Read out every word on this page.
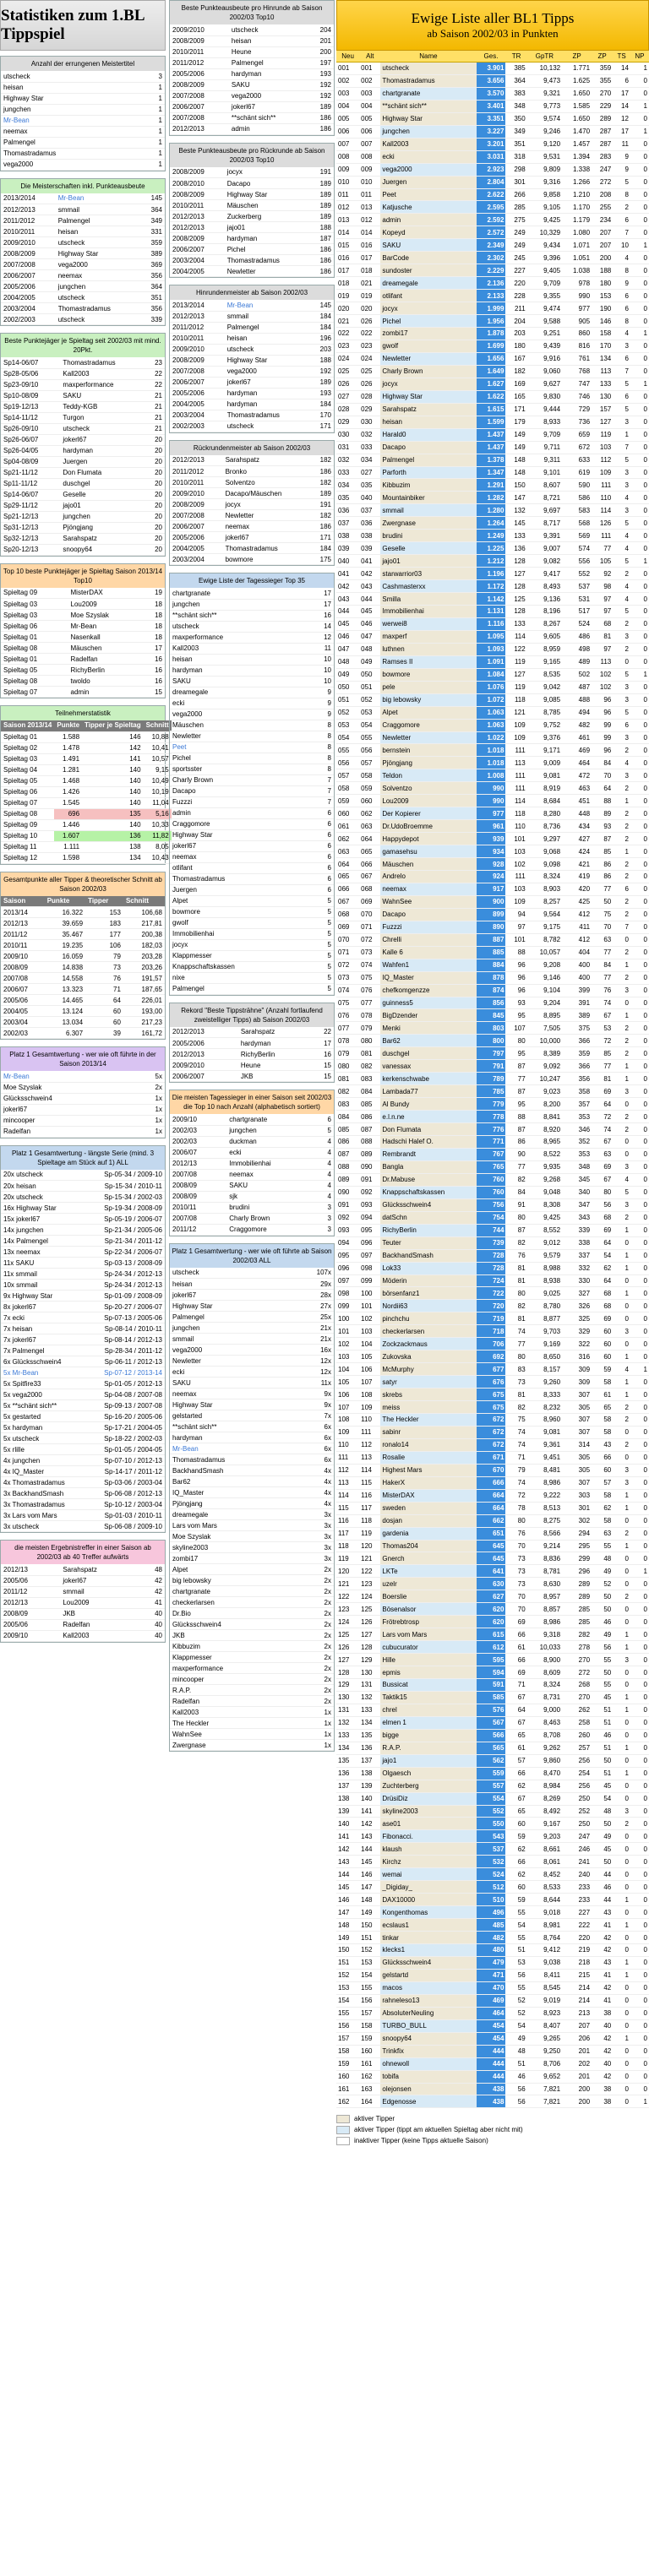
Statistiken zum 1.BL Tippspiel
Anzahl der errungenen Meistertitel
utscheck	3
heisan	1
Highway Star	1
jungchen	1
Mr-Bean	1
neemax	1
Palmengel	1
Thomastradamus	1
vega2000	1
Die Meisterschaften inkl. Punkteausbeute
2013/2014	Mr-Bean	145
2012/2013	smmail	364
2011/2012	Palmengel	349
2010/2011	heisan	331
2009/2010	utscheck	359
2008/2009	Highway Star	389
2007/2008	vega2000	369
2006/2007	neemax	356
2005/2006	jungchen	364
2004/2005	utscheck	351
2003/2004	Thomastradamus	356
2002/2003	utscheck	339
Beste Punktejäger je Spieltag seit 2002/03 mit mind. 20Pkt.
Sp14-06/07	Thomastradamus	23
Sp28-05/06	Kall2003	22
Sp23-09/10	maxperformance	22
Sp10-08/09	SAKU	21
Sp19-12/13	Teddy-KGB	21
Sp14-11/12	Turgon	21
Sp26-09/10	utscheck	21
Sp26-06/07	jokerl67	20
Sp26-04/05	hardyman	20
Sp04-08/09	Juergen	20
Sp21-11/12	Don Flumata	20
Sp11-11/12	duschgel	20
Sp14-06/07	Geselle	20
Sp29-11/12	jajo01	20
Sp21-12/13	jungchen	20
Sp31-12/13	Pjöngjang	20
Sp32-12/13	Sarahspatz	20
Sp20-12/13	snoopy64	20
Top 10 beste Punktejäger je Spieltag Saison 2013/14 Top10
Spieltag 09	MisterDAX	19
Spieltag 03	Lou2009	18
Spieltag 03	Moe Szyslak	18
Spieltag 06	Mr-Bean	18
Spieltag 01	Nasenkall	18
Spieltag 08	Mäuschen	17
Spieltag 01	Radelfan	16
Spieltag 05	RichyBerlin	16
Spieltag 08	twoldo	16
Spieltag 07	admin	15
Teilnehmerstatistik
Saison 2013/14	Punkte	Tipper je Spieltag	Schnitt
Spieltag 01	1.588	146	10,88
Spieltag 02	1.478	142	10,41
Spieltag 03	1.491	141	10,57
Spieltag 04	1.281	140	9,15
Spieltag 05	1.468	140	10,49
Spieltag 06	1.426	140	10,19
Spieltag 07	1.545	140	11,04
Spieltag 08	696	135	5,16
Spieltag 09	1.446	140	10,33
Spieltag 10	1.607	136	11,82
Spieltag 11	1.111	138	8,05
Spieltag 12	1.598	134	10,43
Gesamtpunkte aller Tipper & theoretischer Schnitt ab Saison 2002/03
Saison	Punkte	Tipper	Schnitt
2013/14	16.322	153	106,68
2012/13	39.659	183	217,81
2011/12	35.467	177	200,38
2010/11	19.235	106	182,03
2009/10	16.059	79	203,28
2008/09	14.838	73	203,26
2007/08	14.558	76	191,57
2006/07	13.323	71	187,65
2005/06	14.465	64	226,01
2004/05	13.124	60	193,00
2003/04	13.034	60	217,23
2002/03	6.307	39	161,72
Platz 1 Gesamtwertung - wer wie oft führte in der Saison 2013/14
Mr-Bean	5x
Moe Szyslak	2x
Glücksschwein4	1x
jokerl67	1x
mincooper	1x
Radelfan	1x
Platz 1 Gesamtwertung - längste Serie (mind. 3 Spieltage am Stück auf 1) ALL
20x utscheck	Sp-05-34 / 2009-10
20x heisan	Sp-15-34 / 2010-11
20x utscheck	Sp-15-34 / 2002-03
16x Highway Star	Sp-19-34 / 2008-09
15x jokerl67	Sp-05-19 / 2006-07
14x jungchen	Sp-21-34 / 2005-06
14x Palmengel	Sp-21-34 / 2011-12
13x neemax	Sp-22-34 / 2006-07
11x SAKU	Sp-03-13 / 2008-09
11x smmail	Sp-24-34 / 2012-13
10x smmail	Sp-24-34 / 2012-13
9x Highway Star	Sp-01-09 / 2008-09
8x jokerl67	Sp-20-27 / 2006-07
7x ecki	Sp-07-13 / 2005-06
7x heisan	Sp-08-14 / 2010-11
7x jokerl67	Sp-08-14 / 2012-13
7x Palmengel	Sp-28-34 / 2011-12
6x Glücksschwein4	Sp-06-11 / 2012-13
5x Mr-Bean	Sp-07-12 / 2013-14
5x Spitfire33	Sp-01-05 / 2012-13
5x vega2000	Sp-04-08 / 2007-08
5x **schänt sich**	Sp-09-13 / 2007-08
5x gestarted	Sp-16-20 / 2005-06
5x hardyman	Sp-17-21 / 2004-05
5x utscheck	Sp-18-22 / 2002-03
5x rlille	Sp-01-05 / 2004-05
4x jungchen	Sp-07-10 / 2012-13
4x IQ_Master	Sp-14-17 / 2011-12
4x Thomastradamus	Sp-03-06 / 2003-04
3x BackhandSmash	Sp-06-08 / 2012-13
3x Thomastradamus	Sp-10-12 / 2003-04
3x Lars vom Mars	Sp-01-03 / 2010-11
3x utscheck	Sp-06-08 / 2009-10
die meisten Ergebnistreffer in einer Saison ab 2002/03 ab 40 Treffer aufwärts
2012/13	Sarahspatz	48
2005/06	jokerl67	42
2011/12	smmail	42
2012/13	Lou2009	41
2008/09	JKB	40
2005/06	Radelfan	40
2009/10	Kall2003	40
Beste Punkteausbeute pro Hinrunde ab Saison 2002/03 Top10
2009/2010	utscheck	204
2008/2009	heisan	201
2010/2011	Heune	200
2011/2012	Palmengel	197
2005/2006	hardyman	193
2008/2009	SAKU	192
2007/2008	vega2000	192
2006/2007	jokerl67	189
2007/2008	**schänt sich**	186
2012/2013	admin	186
Beste Punkteausbeute pro Rückrunde ab Saison 2002/03 Top10
2008/2009	jocyx	191
2008/2010	Dacapo	189
2008/2009	Highway Star	189
2010/2011	Mäuschen	189
2012/2013	Zuckerberg	189
2012/2013	jajo01	188
2008/2009	hardyman	187
2006/2007	Pichel	186
2003/2004	Thomastradamus	186
2004/2005	Newletter	186
Hinrundenmeister ab Saison 2002/03
2013/2014	Mr-Bean	145
2012/2013	smmail	184
2011/2012	Palmengel	184
2010/2011	heisan	196
2009/2010	utscheck	203
2008/2009	Highway Star	188
2007/2008	vega2000	192
2006/2007	jokerl67	189
2005/2006	hardyman	193
2004/2005	hardyman	184
2003/2004	Thomastradamus	170
2002/2003	utscheck	171
Rückrundenmeister ab Saison 2002/03
2012/2013	Sarahspatz	182
2011/2012	Bronko	186
2010/2011	Solventzo	182
2009/2010	Dacapo/Mäuschen	189
2008/2009	jocyx	191
2007/2008	Newletter	182
2006/2007	neemax	186
2005/2006	jokerl67	171
2004/2005	Thomastradamus	184
2003/2004	bowmore	175
Ewige Liste der Tagessieger Top 35
chartgranate	17
jungchen	17
**schänt sich**	16
utscheck	14
maxperformance	12
Kall2003	11
heisan	10
hardyman	10
SAKU	10
dreamegale	9
ecki	9
vega2000	9
Mäuschen	8
Newletter	8
Peet	8
Pichel	8
sportsster	8
Charly Brown	7
Dacapo	7
Fuzzzi	7
admin	6
Craggomore	6
Highway Star	6
jokerl67	6
neemax	6
otlifant	6
Thomastradamus	6
Juergen	6
Alpet	5
bowmore	5
gwolf	5
Immobilienhai	5
jocyx	5
Klappmesser	5
Knappschaftskassen	5
nixe	5
Palmengel	5
Rekord "Beste Tippsträhne" (Anzahl fortlaufend zweistelliger Tipps) ab Saison 2002/03
2012/2013	Sarahspatz	22
2005/2006	hardyman	17
2012/2013	RichyBerlin	16
2009/2010	Heune	15
2006/2007	JKB	15
Die meisten Tagessieger in einer Saison seit 2002/03 die Top 10 nach Anzahl (alphabetisch sortiert)
2009/10	chartgranate	6
2002/03	jungchen	5
2002/03	duckman	4
2006/07	ecki	4
2012/13	Immobilienhai	4
2007/08	neemax	4
2008/09	SAKU	4
2008/09	sjk	4
2010/11	brudini	3
2007/08	Charly Brown	3
2011/12	Craggomore	3
Platz 1 Gesamtwertung - wer wie oft führte ab Saison 2002/03 ALL
utscheck	107x
heisan	29x
jokerl67	28x
Highway Star	27x
Palmengel	25x
jungchen	21x
smmail	21x
vega2000	16x
Newletter	12x
ecki	12x
SAKU	11x
neemax	9x
Highway Star	9x
gelstarted	7x
**schänt sich**	6x
hardyman	6x
Mr-Bean	6x
Thomastradamus	6x
BackhandSmash	4x
Bar62	4x
IQ_Master	4x
Pjöngjang	4x
dreamegale	3x
Lars vom Mars	3x
Moe Szyslak	3x
skyline2003	3x
zombi17	3x
Alpet	2x
big lebowsky	2x
chartgranate	2x
checkerlarsen	2x
Dr.Bio	2x
Glücksschwein4	2x
JKB	2x
Kibbuzim	2x
Klappmesser	2x
maxperformance	2x
mincooper	2x
R.A.P.	2x
Radelfan	2x
Kall2003	1x
The Heckler	1x
WahnSee	1x
Zwergnase	1x
Ewige Liste aller BL1 Tipps
ab Saison 2002/03 in Punkten
Neu	Alt	Name	Ges.	TR	GpTR	ZP	ZP	TS	NP
001	001	utscheck	3.901	385	10,132	1.771	359	14	1
002	002	Thomastradamus	3.656	364	9,473	1.625	355	6	0
003	003	chartgranate	3.570	383	9,321	1.650	270	17	0
004	004	**schänt sich**	3.401	348	9,773	1.585	229	14	1
005	005	Highway Star	3.351	350	9,574	1.650	289	12	0
006	006	jungchen	3.227	349	9,246	1.470	287	17	1
007	007	Kall2003	3.201	351	9,120	1.457	287	11	0
008	008	ecki	3.031	318	9,531	1.394	283	9	0
009	009	vega2000	2.923	298	9,809	1.338	247	9	0
010	010	Juergen	2.804	301	9,316	1.266	272	5	0
011	011	Peet	2.622	266	9,858	1.210	208	8	0
012	013	Katjusche	2.595	285	9,105	1.170	255	2	0
013	012	admin	2.592	275	9,425	1.179	234	6	0
014	014	Kopeyd	2.572	249	10,329	1.080	207	7	0
015	016	SAKU	2.349	249	9,434	1.071	207	10	1
016	017	BarCode	2.302	245	9,396	1.051	200	4	0
017	018	sundoster	2.229	227	9,405	1.038	188	8	0
018	021	dreamegale	2.136	220	9,709	978	180	9	0
019	019	otlifant	2.133	228	9,355	990	153	6	0
020	020	jocyx	1.999	211	9,474	977	190	6	0
021	026	Pichel	1.956	204	9,588	905	146	8	0
022	022	zombi17	1.878	203	9,251	860	158	4	1
023	023	gwolf	1.699	180	9,439	816	170	3	0
024	024	Newletter	1.656	167	9,916	761	134	6	0
025	025	Charly Brown	1.649	182	9,060	768	113	7	0
026	026	jocyx	1.627	169	9,627	747	133	5	1
027	028	Highway Star	1.622	165	9,830	746	130	6	0
028	029	Sarahspatz	1.615	171	9,444	729	157	5	0
029	030	heisan	1.599	179	8,933	736	127	3	0
030	032	Harald0	1.437	149	9,709	659	119	1	0
031	033	Dacapo	1.437	149	9,711	672	103	7	0
032	034	Palmengel	1.378	148	9,311	633	112	5	0
033	027	Parforth	1.347	148	9,101	619	109	3	0
034	035	Kibbuzim	1.291	150	8,607	590	111	3	0
035	040	Mountainbiker	1.282	147	8,721	586	110	4	0
036	037	smmail	1.280	132	9,697	583	114	3	0
037	036	Zwergnase	1.264	145	8,717	568	126	5	0
038	038	brudini	1.249	133	9,391	569	111	4	0
039	039	Geselle	1.225	136	9,007	574	77	4	0
040	041	jajo01	1.212	128	9,082	556	105	5	1
041	042	starwarrior03	1.196	127	9,417	552	92	2	0
042	043	Cashmasterxx	1.172	128	8,493	537	98	4	0
043	044	Smilla	1.142	125	9,136	531	97	4	0
044	045	Immobilienhai	1.131	128	8,196	517	97	5	0
045	046	werwei8	1.116	133	8,267	524	68	2	0
046	047	maxperf	1.095	114	9,605	486	81	3	0
047	048	luthnen	1.093	122	8,959	498	97	2	0
048	049	Ramses II	1.091	119	9,165	489	113	0	0
049	050	bowmore	1.084	127	8,535	502	102	5	1
050	051	pele	1.076	119	9,042	487	102	3	0
051	052	big lebowsky	1.072	118	9,085	488	96	3	0
052	053	Alpet	1.063	121	8,785	494	96	5	0
053	054	Craggomore	1.063	109	9,752	482	99	6	0
054	055	Newletter	1.022	109	9,376	461	99	3	0
055	056	bernstein	1.018	111	9,171	469	96	2	0
056	057	Pjöngjang	1.018	113	9,009	464	84	4	0
057	058	Teldon	1.008	111	9,081	472	70	3	0
058	059	Solventzo	990	111	8,919	463	64	2	0
059	060	Lou2009	990	114	8,684	451	88	1	0
060	062	Der Kopierer	977	118	8,280	448	89	2	0
061	063	Dr.UdoBroemme	961	110	8,736	434	93	2	0
062	064	Happydepot	939	101	9,297	427	87	2	0
063	065	gamasehsu	934	103	9,068	424	85	1	0
064	066	Mäuschen	928	102	9,098	421	86	2	0
065	067	Andrelo	924	111	8,324	419	86	2	0
066	068	neemax	917	103	8,903	420	77	6	0
067	069	WahnSee	900	109	8,257	425	50	2	0
068	070	Dacapo	899	94	9,564	412	75	2	0
069	071	Fuzzzi	890	97	9,175	411	70	7	0
070	072	Chrelli	887	101	8,782	412	63	0	0
071	073	Kalle 6	885	88	10,057	404	77	2	0
072	074	Wahfen1	884	96	9,208	400	84	1	0
073	075	IQ_Master	878	96	9,146	400	77	2	0
074	076	chefkomgenzze	874	96	9,104	399	76	3	0
075	077	guinness5	856	93	9,204	391	74	0	0
076	078	BigDzender	845	95	8,895	389	67	1	0
077	079	Menki	803	107	7,505	375	53	2	0
078	080	Bar62	800	80	10,000	366	72	2	0
079	081	duschgel	797	95	8,389	359	85	2	0
080	082	vanessax	791	87	9,092	366	77	1	0
081	083	kerkenschwabe	789	77	10,247	356	81	1	0
082	084	Lambada77	785	87	9,023	358	69	3	0
083	085	Al Bundy	779	95	8,200	357	64	0	0
084	086	e.l.n.ne	778	88	8,841	353	72	2	0
085	087	Don Flumata	776	87	8,920	346	74	2	0
086	088	Hadschi Halef O.	771	86	8,965	352	67	0	0
087	089	Rembrandt	767	90	8,522	353	63	0	0
088	090	Bangla	765	77	9,935	348	69	3	0
089	091	Dr.Mabuse	760	82	9,268	345	67	4	0
090	092	Knappschaftskassen	760	84	9,048	340	80	5	0
091	093	Glücksschwein4	756	91	8,308	347	56	3	0
092	094	datSchn	754	80	9,425	343	68	2	0
093	095	RichyBerlin	744	87	8,552	339	69	1	0
094	096	Teuter	739	82	9,012	338	64	0	0
095	097	BackhandSmash	728	76	9,579	337	54	1	0
096	098	Lok33	728	81	8,988	332	62	1	0
097	099	Möderin	724	81	8,938	330	64	0	0
098	100	börsenfanz1	722	80	9,025	327	68	1	0
099	101	Nordii63	720	82	8,780	326	68	0	0
100	102	pinchchu	719	81	8,877	325	69	0	0
101	103	checkerlarsen	718	74	9,703	329	60	3	0
102	104	Zockzackmaus	706	77	9,169	322	60	0	0
103	105	Zukovska	692	80	8,650	316	60	1	0
104	106	McMurphy	677	83	8,157	309	59	4	1
105	107	satyr	676	73	9,260	309	58	1	0
106	108	skrebs	675	81	8,333	307	61	1	0
107	109	meiss	675	82	8,232	305	65	2	0
108	110	The Heckler	672	75	8,960	307	58	2	0
109	111	sabinr	672	74	9,081	307	58	0	0
110	112	ronalo14	672	74	9,361	314	43	2	0
111	113	Rosalie	671	71	9,451	305	66	0	0
112	114	Highest Mars	670	79	8,481	305	60	3	0
113	115	HakerX	666	74	8,986	307	57	3	0
114	116	MisterDAX	664	72	9,222	303	58	1	0
115	117	sweden	664	78	8,513	301	62	1	0
116	118	dosjan	662	80	8,275	302	58	0	0
117	119	gardenia	651	76	8,566	294	63	2	0
118	120	Thomas204	645	70	9,214	295	55	1	0
119	121	Gnerch	645	73	8,836	299	48	0	0
120	122	LKTe	641	73	8,781	296	49	0	1
121	123	uzelr	630	73	8,630	289	52	0	0
122	124	Boerslie	627	70	8,957	289	50	2	0
123	125	Bösenalsor	620	70	8,857	285	50	0	0
124	126	Frötrebtrosp	620	69	8,986	285	46	0	0
125	127	Lars vom Mars	615	66	9,318	282	49	1	0
126	128	cubucurator	612	61	10,033	278	56	1	0
127	129	Hille	595	66	8,900	270	55	3	0
128	130	epmis	594	69	8,609	272	50	0	0
129	131	Bussicat	591	71	8,324	268	55	0	0
130	132	Taktik15	585	67	8,731	270	45	1	0
131	133	chrel	576	64	9,000	262	51	1	0
132	134	elmen 1	567	67	8,463	258	51	0	0
133	135	bigge	566	65	8,708	260	46	0	0
134	136	R.A.P.	565	61	9,262	257	51	1	0
135	137	jajo1	562	57	9,860	256	50	0	0
136	138	Olgaesch	559	66	8,470	254	51	1	0
137	139	Zuchterberg	557	62	8,984	256	45	0	0
138	140	DrüsiDiz	554	67	8,269	250	54	0	0
139	141	skyline2003	552	65	8,492	252	48	3	0
140	142	ase01	550	60	9,167	250	50	2	0
141	143	Fibonacci.	543	59	9,203	247	49	0	0
142	144	klaush	537	62	8,661	246	45	0	0
143	145	Kirchz	532	66	8,061	241	50	0	0
144	146	wemai	524	62	8,452	240	44	0	0
145	147	_Digiday_	512	60	8,533	233	46	0	0
146	148	DAX10000	510	59	8,644	233	44	1	0
147	149	Kongenthomas	496	55	9,018	227	43	0	0
148	150	ecslaus1	485	54	8,981	222	41	1	0
149	151	tinkar	482	55	8,764	220	42	0	0
150	152	klecks1	480	51	9,412	219	42	0	0
151	153	Glücksschwein4	479	53	9,038	218	43	1	0
152	154	gelstartd	471	56	8,411	215	41	1	0
153	155	macos	470	55	8,545	214	42	0	0
154	156	rahneleso13	469	52	9,019	214	41	0	0
155	157	AbsoluterNeuling	464	52	8,923	213	38	0	0
156	158	TURBO_BULL	454	54	8,407	207	40	0	0
157	159	snoopy64	454	49	9,265	206	42	1	0
158	160	Trinkfix	444	48	9,250	201	42	0	0
159	161	ohnewoll	444	51	8,706	202	40	0	0
160	162	tobifa	444	46	9,652	201	42	0	0
161	163	olejonsen	438	56	7,821	200	38	0	0
162	164	Edgenosse	438	56	7,821	200	38	0	1
aktiver Tipper
aktiver Tipper (tippt am aktuellen Spieltag aber nicht mit)
inaktiver Tipper (keine Tipps aktuelle Saison)
